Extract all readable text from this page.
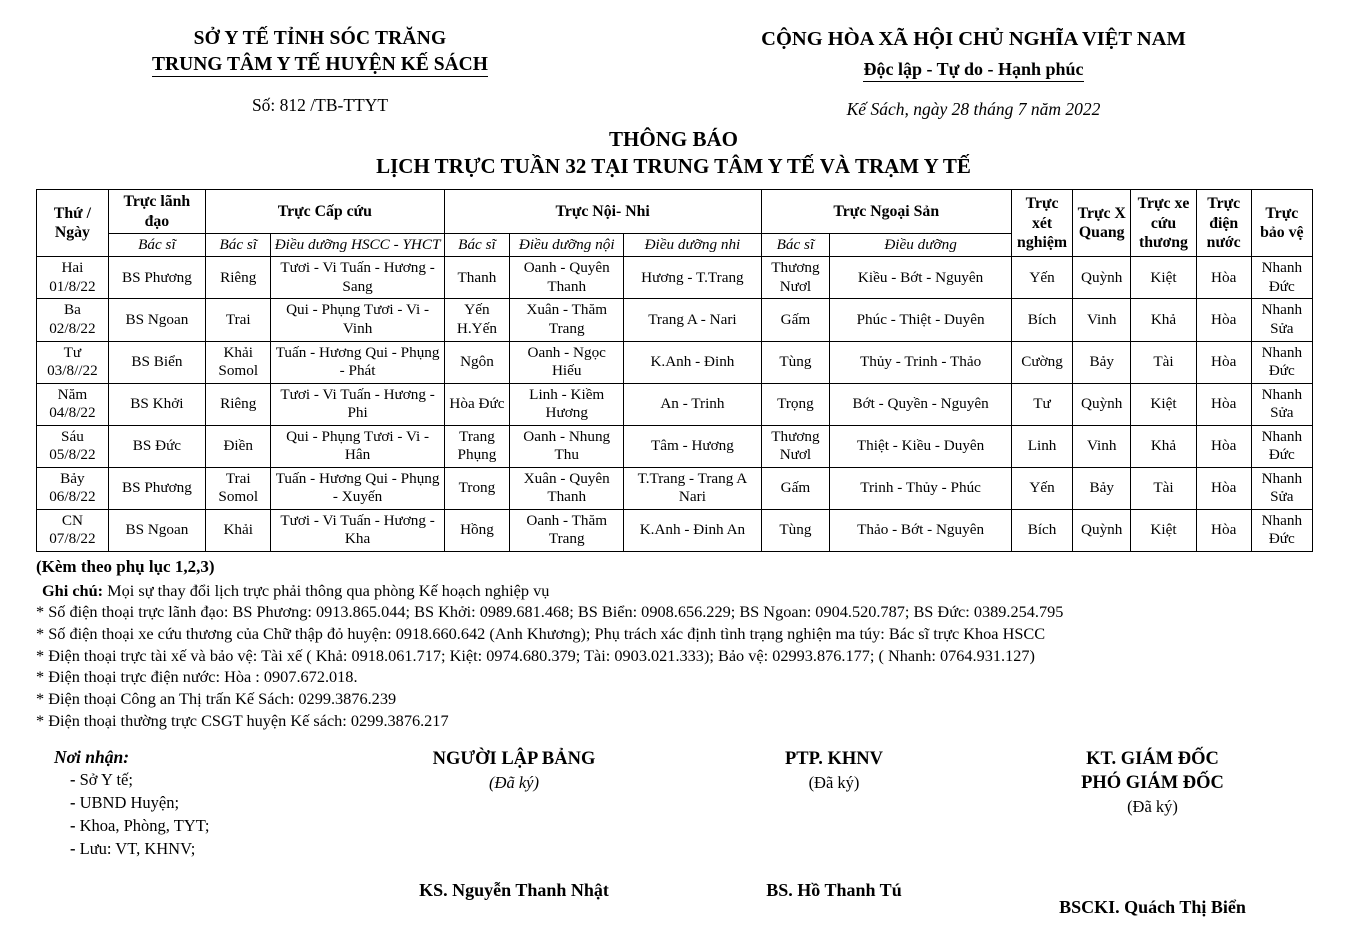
SỞ Y TẾ TỈNH SÓC TRĂNG
TRUNG TÂM Y TẾ HUYỆN KẾ SÁCH
Số: 812 /TB-TTYT
CỘNG HÒA XÃ HỘI CHỦ NGHĨA VIỆT NAM
Độc lập - Tự do - Hạnh phúc
Kế Sách, ngày 28 tháng 7 năm 2022
THÔNG BÁO
LỊCH TRỰC TUẦN 32 TẠI TRUNG TÂM Y TẾ VÀ TRẠM Y TẾ
Thứ / Ngày	Trực lãnh đạo	Trực Cấp cứu		Trực Nội- Nhi			Trực Ngoại Sản		Trực xét nghiệm	Trực X Quang	Trực xe cứu thương	Trực điện nước	Trực bảo vệ
	Bác sĩ	Bác sĩ	Điều dưỡng HSCC - YHCT	Bác sĩ	Điều dưỡng nội	Điều dưỡng nhi	Bác sĩ	Điều dưỡng					

Hai
01/8/22	BS Phương	Riêng	Tươi - Vi Tuấn - Hương - Sang	Thanh	Oanh - Quyên Thanh	Hương - T.Trang	Thương Nươl	Kiều - Bớt - Nguyên	Yến	Quỳnh	Kiệt	Hòa	Nhanh Đức

Ba
02/8/22	BS Ngoan	Trai	Qui - Phụng Tươi - Vi - Vinh	Yến H.Yến	Xuân - Thăm Trang	Trang A - Nari	Gấm	Phúc - Thiệt - Duyên	Bích	Vinh	Khả	Hòa	Nhanh Sửa

Tư
03/8//22	BS Biển	Khải Somol	Tuấn - Hương Qui - Phụng - Phát	Ngôn	Oanh - Ngọc Hiếu	K.Anh - Đinh	Tùng	Thủy - Trinh - Thảo	Cường	Bảy	Tài	Hòa	Nhanh Đức

Năm
04/8/22	BS Khởi	Riêng	Tươi - Vi Tuấn - Hương - Phi	Hòa Đức	Linh - Kiềm Hương	An - Trinh	Trọng	Bớt - Quyền - Nguyên	Tư	Quỳnh	Kiệt	Hòa	Nhanh Sửa

Sáu
05/8/22	BS Đức	Điền	Qui - Phụng Tươi - Vi - Hân	Trang Phụng	Oanh - Nhung Thu	Tâm - Hương	Thương Nươl	Thiệt - Kiều - Duyên	Linh	Vinh	Khả	Hòa	Nhanh Đức

Bảy
06/8/22	BS Phương	Trai Somol	Tuấn - Hương Qui - Phụng - Xuyến	Trong	Xuân - Quyên Thanh	T.Trang - Trang A Nari	Gấm	Trinh - Thủy - Phúc	Yến	Bảy	Tài	Hòa	Nhanh Sửa

CN
07/8/22	BS Ngoan	Khải	Tươi - Vi Tuấn - Hương - Kha	Hồng	Oanh - Thăm Trang	K.Anh - Đinh An	Tùng	Thảo - Bớt - Nguyên	Bích	Quỳnh	Kiệt	Hòa	Nhanh Đức
(Kèm theo phụ lục 1,2,3)
Ghi chú: Mọi sự thay đổi lịch trực phải thông qua phòng Kế hoạch nghiệp vụ
* Số điện thoại trực lãnh đạo: BS Phương: 0913.865.044; BS Khởi: 0989.681.468; BS Biển: 0908.656.229; BS Ngoan: 0904.520.787; BS Đức: 0389.254.795
* Số điện thoại xe cứu thương của Chữ thập đỏ huyện: 0918.660.642 (Anh Khương); Phụ trách xác định tình trạng nghiện ma túy: Bác sĩ trực Khoa HSCC
* Điện thoại trực tài xế và bảo vệ: Tài xế ( Khả: 0918.061.717; Kiệt: 0974.680.379; Tài: 0903.021.333); Bảo vệ: 02993.876.177; ( Nhanh: 0764.931.127)
* Điện thoại trực điện nước: Hòa : 0907.672.018.
* Điện thoại Công an Thị trấn Kế Sách: 0299.3876.239
* Điện thoại thường trực CSGT huyện Kế sách: 0299.3876.217
Nơi nhận:
- Sở Y tế;
- UBND Huyện;
- Khoa, Phòng, TYT;
- Lưu: VT, KHNV;
NGƯỜI LẬP BẢNG
(Đã ký)
KS. Nguyễn Thanh Nhật
PTP. KHNV
(Đã ký)
BS. Hồ Thanh Tú
KT. GIÁM ĐỐC
PHÓ GIÁM ĐỐC
(Đã ký)
BSCKI. Quách Thị Biển
